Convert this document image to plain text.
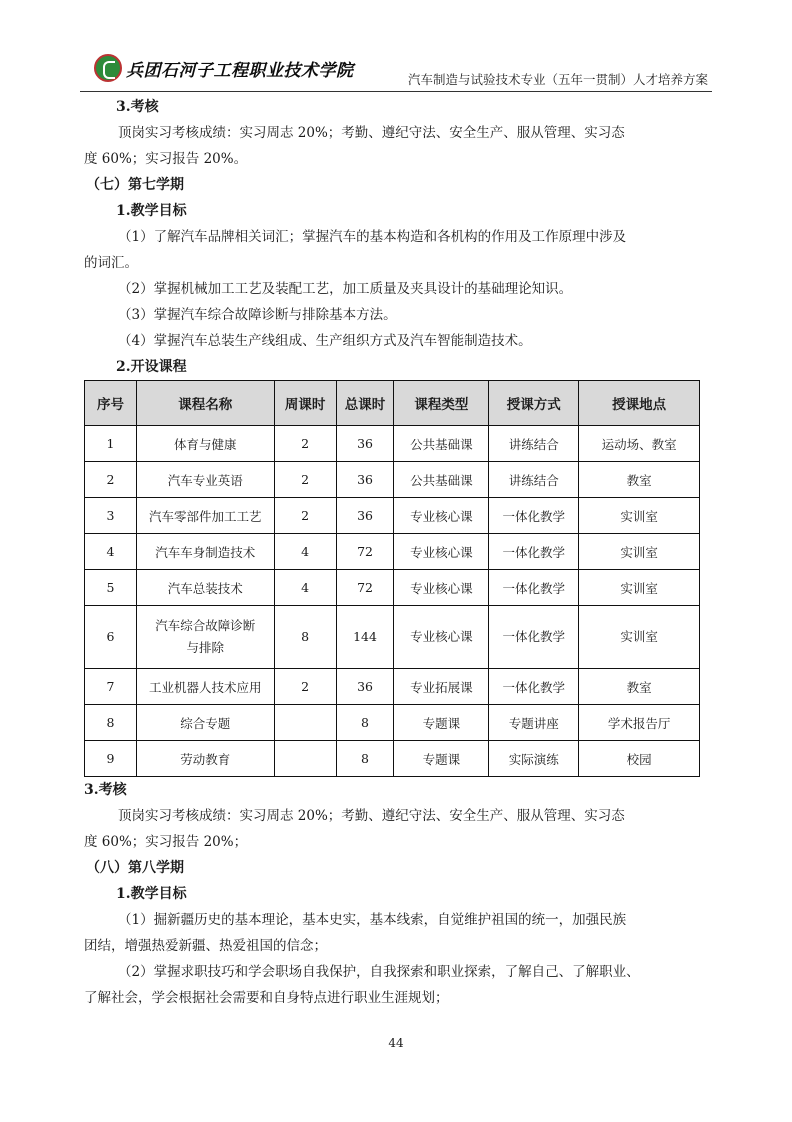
兵团石河子工程职业技术学院	汽车制造与试验技术专业（五年一贯制）人才培养方案
3.考核
顶岗实习考核成绩：实习周志 20%；考勤、遵纪守法、安全生产、服从管理、实习态
度 60%；实习报告 20%。
（七）第七学期
1.教学目标
（1）了解汽车品牌相关词汇；掌握汽车的基本构造和各机构的作用及工作原理中涉及
的词汇。
（2）掌握机械加工工艺及装配工艺，加工质量及夹具设计的基础理论知识。
（3）掌握汽车综合故障诊断与排除基本方法。
（4）掌握汽车总装生产线组成、生产组织方式及汽车智能制造技术。
2.开设课程
序号	课程名称	周课时	总课时	课程类型	授课方式	授课地点
1	体育与健康	2	36	公共基础课	讲练结合	运动场、教室
2	汽车专业英语	2	36	公共基础课	讲练结合	教室
3	汽车零部件加工工艺	2	36	专业核心课	一体化教学	实训室
4	汽车车身制造技术	4	72	专业核心课	一体化教学	实训室
5	汽车总装技术	4	72	专业核心课	一体化教学	实训室
6	汽车综合故障诊断
与排除	8	144	专业核心课	一体化教学	实训室
7	工业机器人技术应用	2	36	专业拓展课	一体化教学	教室
8	综合专题		8	专题课	专题讲座	学术报告厅
9	劳动教育		8	专题课	实际演练	校园
3.考核
顶岗实习考核成绩：实习周志 20%；考勤、遵纪守法、安全生产、服从管理、实习态
度 60%；实习报告 20%；
（八）第八学期
1.教学目标
（1）掘新疆历史的基本理论，基本史实，基本线索，自觉维护祖国的统一，加强民族
团结，增强热爱新疆、热爱祖国的信念；
（2）掌握求职技巧和学会职场自我保护，自我探索和职业探索，了解自己、了解职业、
了解社会，学会根据社会需要和自身特点进行职业生涯规划；
44
